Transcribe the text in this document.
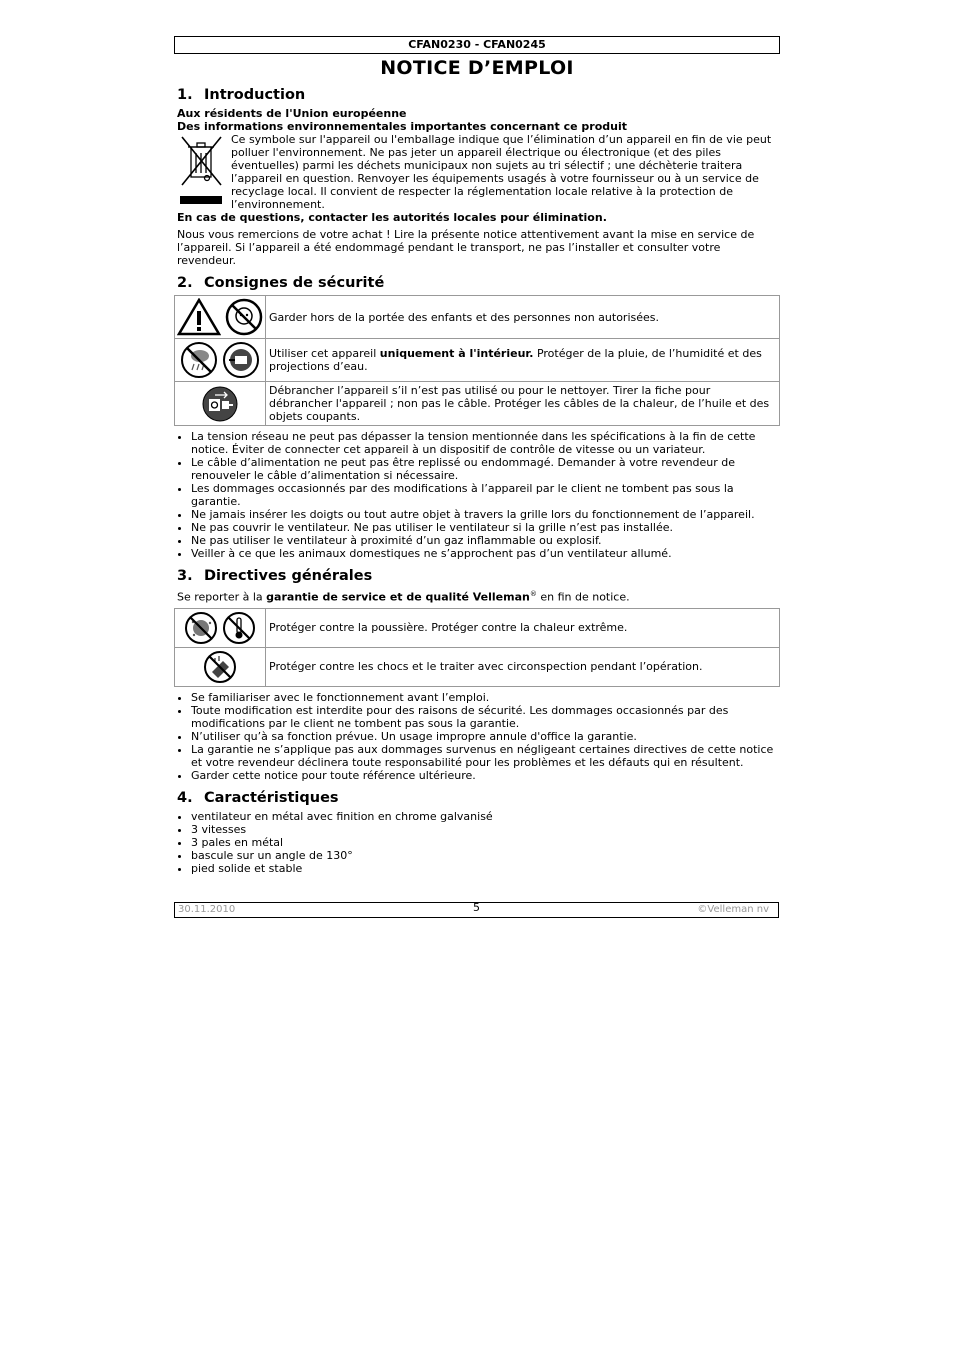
CFAN0230 - CFAN0245
NOTICE D’EMPLOI
1. Introduction
Aux résidents de l'Union européenne
Des informations environnementales importantes concernant ce produit
Ce symbole sur l'appareil ou l'emballage indique que l’élimination d’un appareil en fin de vie peut polluer l'environnement. Ne pas jeter un appareil électrique ou électronique (et des piles éventuelles) parmi les déchets municipaux non sujets au tri sélectif ; une déchèterie traitera l’appareil en question. Renvoyer les équipements usagés à votre fournisseur ou à un service de recyclage local. Il convient de respecter la réglementation locale relative à la protection de l’environnement.
En cas de questions, contacter les autorités locales pour élimination.
Nous vous remercions de votre achat ! Lire la présente notice attentivement avant la mise en service de l’appareil. Si l’appareil a été endommagé pendant le transport, ne pas l’installer et consulter votre revendeur.
2. Consignes de sécurité
	Garder hors de la portée des enfants et des personnes non autorisées.
	Utiliser cet appareil uniquement à l'intérieur. Protéger de la pluie, de l’humidité et des projections d’eau.
	Débrancher l’appareil s’il n’est pas utilisé ou pour le nettoyer. Tirer la fiche pour débrancher l'appareil ; non pas le câble. Protéger les câbles de la chaleur, de l’huile et des objets coupants.
• La tension réseau ne peut pas dépasser la tension mentionnée dans les spécifications à la fin de cette notice. Éviter de connecter cet appareil à un dispositif de contrôle de vitesse ou un variateur.
• Le câble d’alimentation ne peut pas être replissé ou endommagé. Demander à votre revendeur de renouveler le câble d’alimentation si nécessaire.
• Les dommages occasionnés par des modifications à l’appareil par le client ne tombent pas sous la garantie.
• Ne jamais insérer les doigts ou tout autre objet à travers la grille lors du fonctionnement de l’appareil.
• Ne pas couvrir le ventilateur. Ne pas utiliser le ventilateur si la grille n’est pas installée.
• Ne pas utiliser le ventilateur à proximité d’un gaz inflammable ou explosif.
• Veiller à ce que les animaux domestiques ne s’approchent pas d’un ventilateur allumé.
3. Directives générales
Se reporter à la garantie de service et de qualité Velleman® en fin de notice.
	Protéger contre la poussière. Protéger contre la chaleur extrême.
	Protéger contre les chocs et le traiter avec circonspection pendant l’opération.
• Se familiariser avec le fonctionnement avant l’emploi.
• Toute modification est interdite pour des raisons de sécurité. Les dommages occasionnés par des modifications par le client ne tombent pas sous la garantie.
• N’utiliser qu’à sa fonction prévue. Un usage impropre annule d'office la garantie.
• La garantie ne s’applique pas aux dommages survenus en négligeant certaines directives de cette notice et votre revendeur déclinera toute responsabilité pour les problèmes et les défauts qui en résultent.
• Garder cette notice pour toute référence ultérieure.
4. Caractéristiques
• ventilateur en métal avec finition en chrome galvanisé
• 3 vitesses
• 3 pales en métal
• bascule sur un angle de 130°
• pied solide et stable
30.11.2010	5	©Velleman nv
